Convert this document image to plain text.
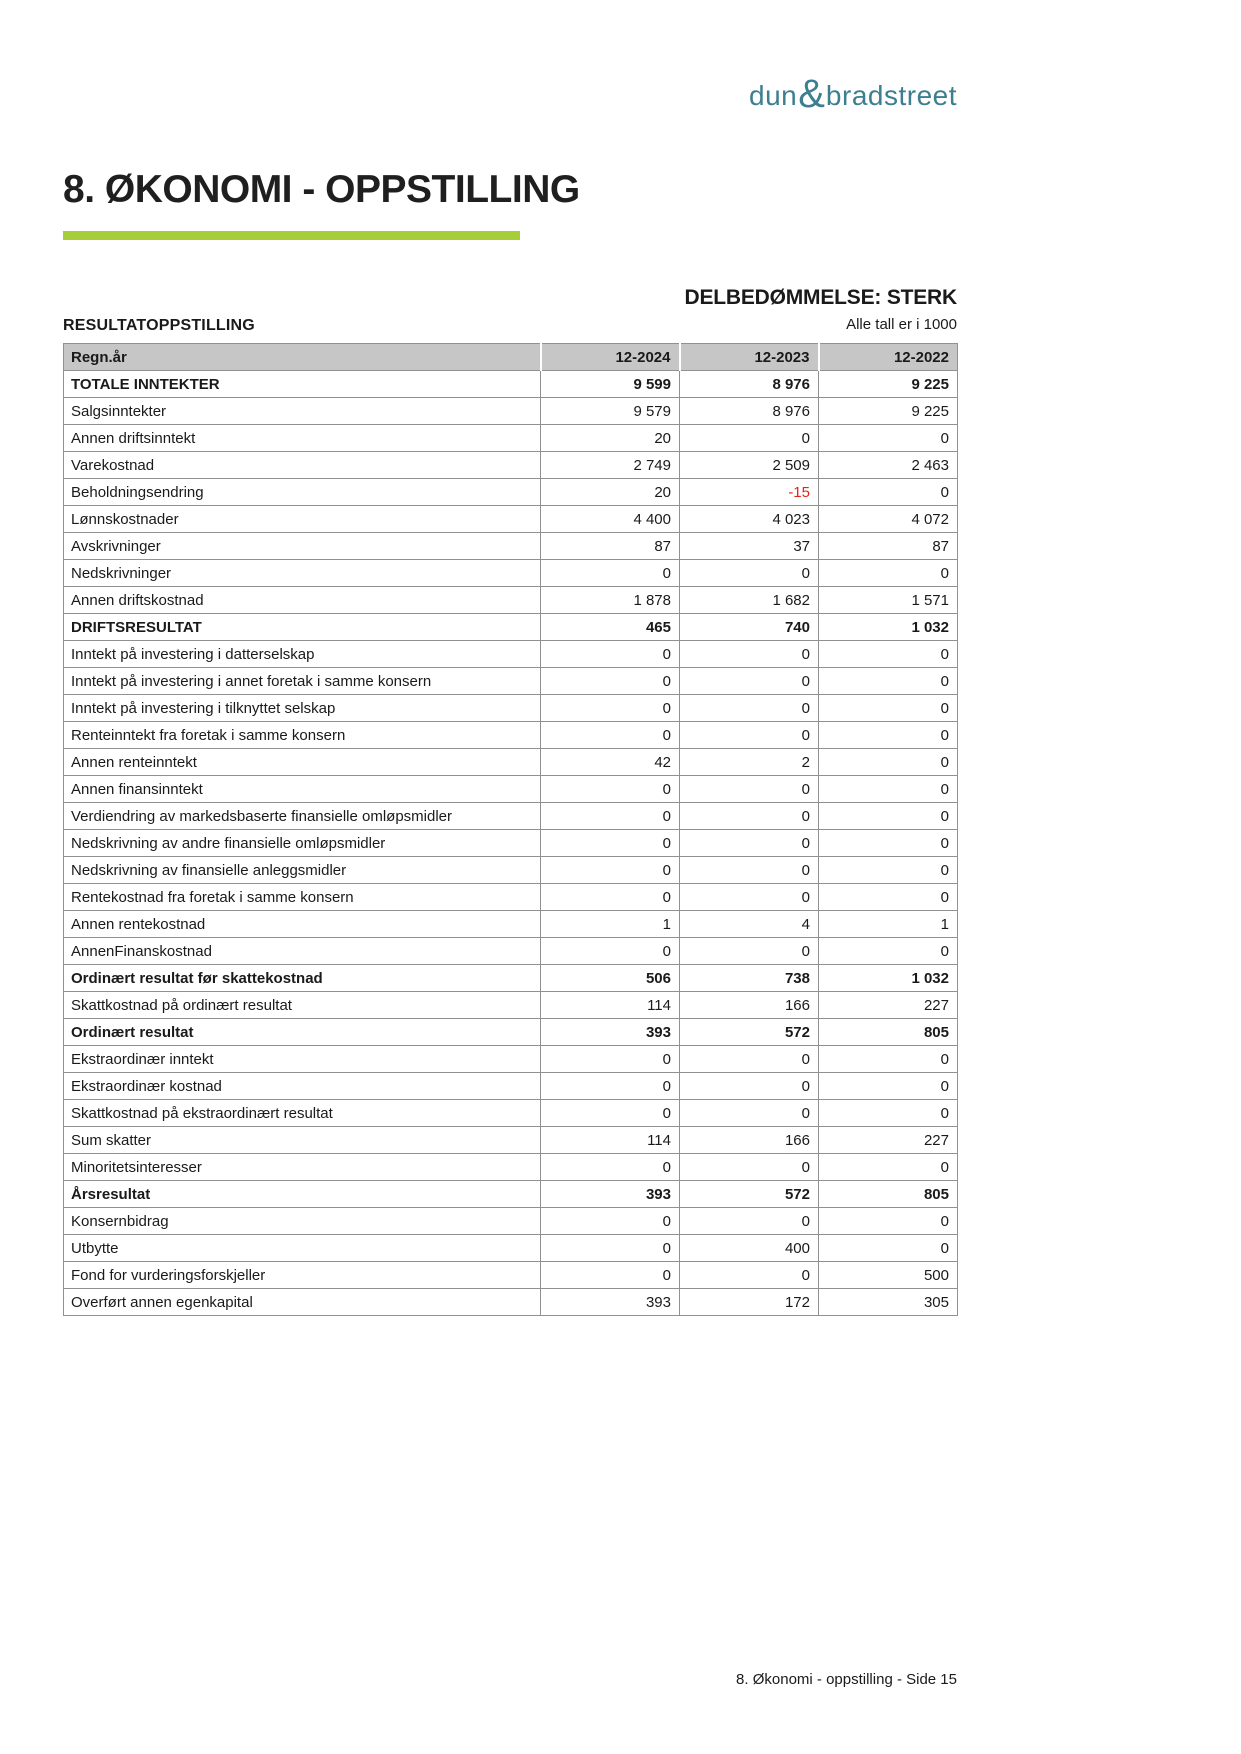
dun & bradstreet
8. ØKONOMI - OPPSTILLING
DELBEDØMMELSE: STERK
RESULTATOPPSTILLING	Alle tall er i 1000
Regn.år	12-2024	12-2023	12-2022
TOTALE INNTEKTER	9 599	8 976	9 225
Salgsinntekter	9 579	8 976	9 225
Annen driftsinntekt	20	0	0
Varekostnad	2 749	2 509	2 463
Beholdningsendring	20	-15	0
Lønnskostnader	4 400	4 023	4 072
Avskrivninger	87	37	87
Nedskrivninger	0	0	0
Annen driftskostnad	1 878	1 682	1 571
DRIFTSRESULTAT	465	740	1 032
Inntekt på investering i datterselskap	0	0	0
Inntekt på investering i annet foretak i samme konsern	0	0	0
Inntekt på investering i tilknyttet selskap	0	0	0
Renteinntekt fra foretak i samme konsern	0	0	0
Annen renteinntekt	42	2	0
Annen finansinntekt	0	0	0
Verdiendring av markedsbaserte finansielle omløpsmidler	0	0	0
Nedskrivning av andre finansielle omløpsmidler	0	0	0
Nedskrivning av finansielle anleggsmidler	0	0	0
Rentekostnad fra foretak i samme konsern	0	0	0
Annen rentekostnad	1	4	1
AnnenFinanskostnad	0	0	0
Ordinært resultat før skattekostnad	506	738	1 032
Skattkostnad på ordinært resultat	114	166	227
Ordinært resultat	393	572	805
Ekstraordinær inntekt	0	0	0
Ekstraordinær kostnad	0	0	0
Skattkostnad på ekstraordinært resultat	0	0	0
Sum skatter	114	166	227
Minoritetsinteresser	0	0	0
Årsresultat	393	572	805
Konsernbidrag	0	0	0
Utbytte	0	400	0
Fond for vurderingsforskjeller	0	0	500
Overført annen egenkapital	393	172	305
8. Økonomi - oppstilling - Side 15
